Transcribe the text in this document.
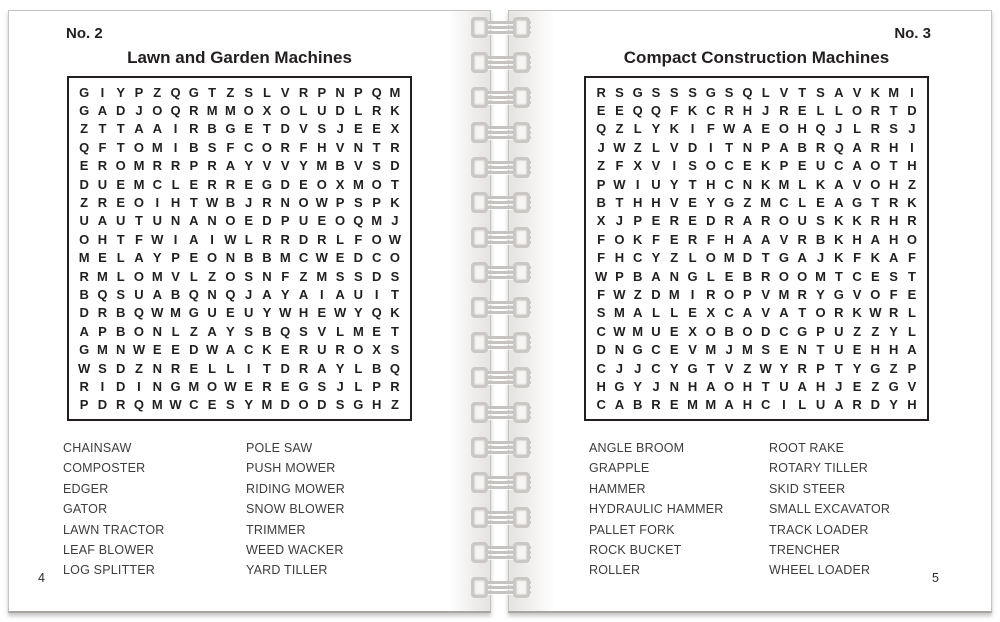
No. 2
Lawn and Garden Machines
G I Y P Z Q G T Z S L V R P N P Q M
G A D J O Q R M M O X O L U D L R K
Z T T A A I R B G E T D V S J E E X
Q F T O M I B S F C O R F H V N T R
E R O M R R P R A Y V V Y M B V S D
D U E M C L E R R E G D E O X M O T
Z R E O I H T W B J R N O W P S P K
U A U T U N A N O E D P U E O Q M J
O H T F W I A I W L R R D R L F O W
M E L A Y P E O N B B M C W E D C O
R M L O M V L Z O S N F Z M S S D S
B Q S U A B Q N Q J A Y A I A U I T
D R B Q W M G U E U Y W H E W Y Q K
A P B O N L Z A Y S B Q S V L M E T
G M N W E E D W A C K E R U R O X S
W S D Z N R E L L I T D R A Y L B Q
R I D I N G M O W E R E G S J L P R
P D R Q M W C E S Y M D O D S G H Z
CHAINSAW
COMPOSTER
EDGER
GATOR
LAWN TRACTOR
LEAF BLOWER
LOG SPLITTER
POLE SAW
PUSH MOWER
RIDING MOWER
SNOW BLOWER
TRIMMER
WEED WACKER
YARD TILLER
4
No. 3
Compact Construction Machines
R S G S S S G S Q L V T S A V K M I
E E Q Q F K C R H J R E L L O R T D
Q Z L Y K I F W A E O H Q J L R S J
J W Z L V D I T N P A B R Q A R H I
Z F X V I S O C E K P E U C A O T H
P W I U Y T H C N K M L K A V O H Z
B T H H V E Y G Z M C L E A G T R K
X J P E R E D R A R O U S K K R H R
F O K F E R F H A A V R B K H A H O
F H C Y Z L O M D T G A J K F K A F
W P B A N G L E B R O O M T C E S T
F W Z D M I R O P V M R Y G V O F E
S M A L L E X C A V A T O R K W R L
C W M U E X O B O D C G P U Z Z Y L
D N G C E V M J M S E N T U E H H A
C J J C Y G T V Z W Y R P T Y G Z P
H G Y J N H A O H T U A H J E Z G V
C A B R E M M A H C I L U A R D Y H
ANGLE BROOM
GRAPPLE
HAMMER
HYDRAULIC HAMMER
PALLET FORK
ROCK BUCKET
ROLLER
ROOT RAKE
ROTARY TILLER
SKID STEER
SMALL EXCAVATOR
TRACK LOADER
TRENCHER
WHEEL LOADER
5
